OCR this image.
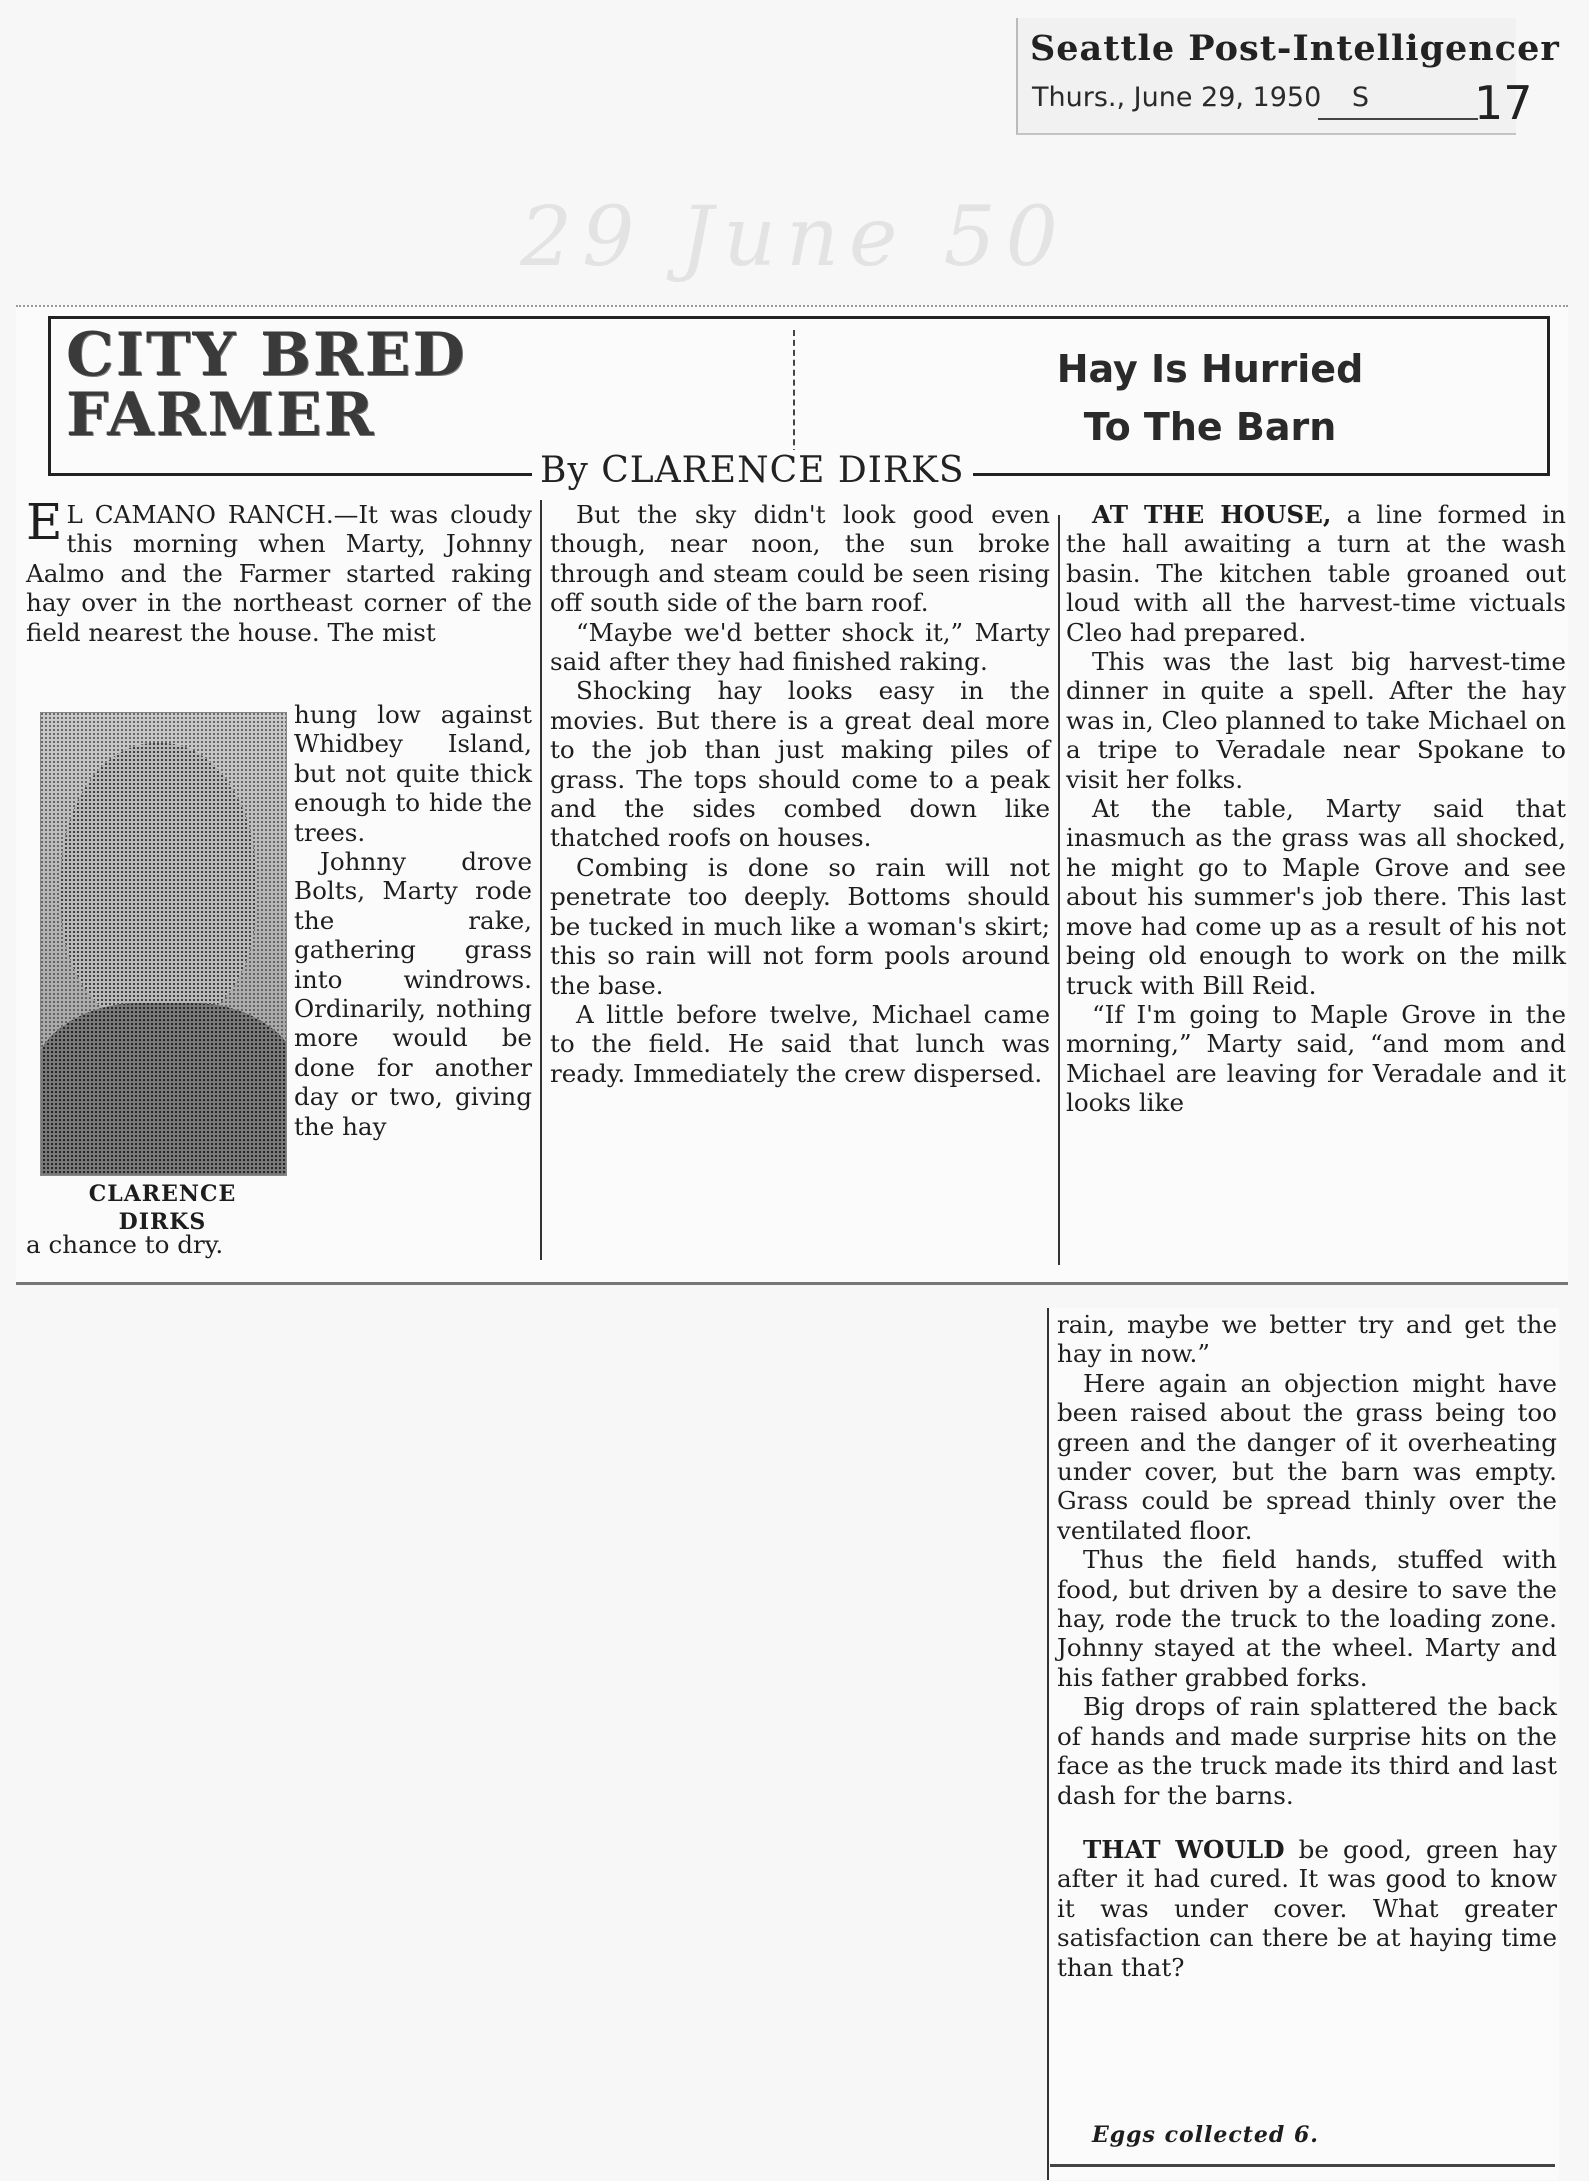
Seattle Post-Intelligencer
Thurs., June 29, 1950 S 17
29 June 50
CITY BRED
FARMER
Hay Is Hurried
To The Barn
By CLARENCE DIRKS

E L CAMANO RANCH.—It was cloudy this morning when Marty, Johnny Aalmo and the Farmer started raking hay over in the northeast corner of the field nearest the house. The mist

CLARENCE
DIRKS

hung low against Whidbey Island, but not quite thick enough to hide the trees.

Johnny drove Bolts, Marty rode the rake, gathering grass into windrows. Ordinarily, nothing more would be done for another day or two, giving the hay

a chance to dry.

But the sky didn't look good even though, near noon, the sun broke through and steam could be seen rising off south side of the barn roof.

“Maybe we'd better shock it,” Marty said after they had finished raking.

Shocking hay looks easy in the movies. But there is a great deal more to the job than just making piles of grass. The tops should come to a peak and the sides combed down like thatched roofs on houses.

Combing is done so rain will not penetrate too deeply. Bottoms should be tucked in much like a woman's skirt; this so rain will not form pools around the base.

A little before twelve, Michael came to the field. He said that lunch was ready. Immediately the crew dispersed.

AT THE HOUSE, a line formed in the hall awaiting a turn at the wash basin. The kitchen table groaned out loud with all the harvest-time victuals Cleo had prepared.

This was the last big harvest-time dinner in quite a spell. After the hay was in, Cleo planned to take Michael on a tripe to Veradale near Spokane to visit her folks.

At the table, Marty said that inasmuch as the grass was all shocked, he might go to Maple Grove and see about his summer's job there. This last move had come up as a result of his not being old enough to work on the milk truck with Bill Reid.

“If I'm going to Maple Grove in the morning,” Marty said, “and mom and Michael are leaving for Veradale and it looks like

rain, maybe we better try and get the hay in now.”

Here again an objection might have been raised about the grass being too green and the danger of it overheating under cover, but the barn was empty. Grass could be spread thinly over the ventilated floor.

Thus the field hands, stuffed with food, but driven by a desire to save the hay, rode the truck to the loading zone. Johnny stayed at the wheel. Marty and his father grabbed forks.

Big drops of rain splattered the back of hands and made surprise hits on the face as the truck made its third and last dash for the barns.

THAT WOULD be good, green hay after it had cured. It was good to know it was under cover. What greater satisfaction can there be at haying time than that?

Eggs collected 6.
